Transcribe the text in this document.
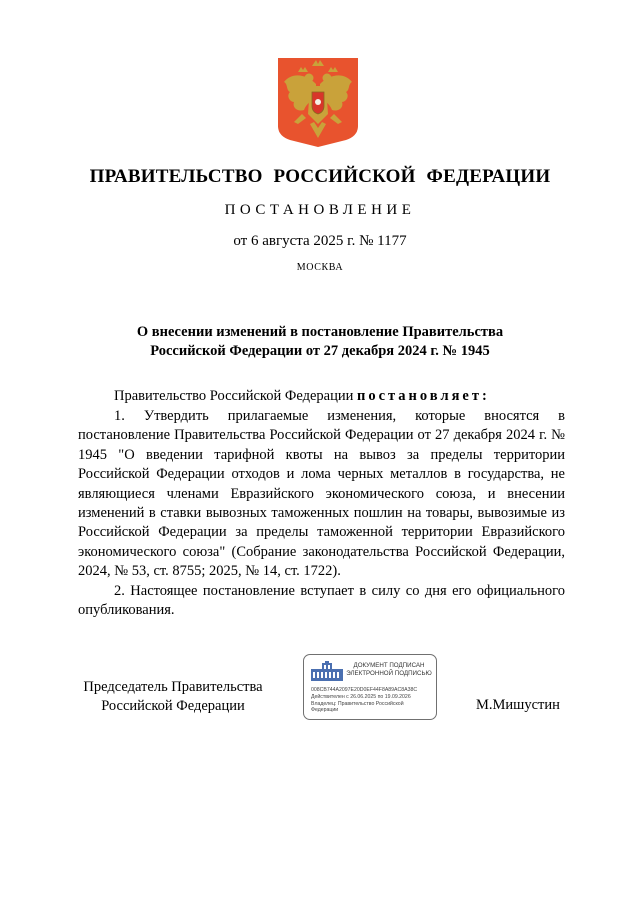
ПРАВИТЕЛЬСТВО РОССИЙСКОЙ ФЕДЕРАЦИИ
ПОСТАНОВЛЕНИЕ
от 6 августа 2025 г. № 1177
МОСКВА
О внесении изменений в постановление Правительства
Российской Федерации от 27 декабря 2024 г. № 1945
Правительство Российской Федерации постановляет:

1. Утвердить прилагаемые изменения, которые вносятся в постановление Правительства Российской Федерации от 27 декабря 2024 г. № 1945 "О введении тарифной квоты на вывоз за пределы территории Российской Федерации отходов и лома черных металлов в государства, не являющиеся членами Евразийского экономического союза, и внесении изменений в ставки вывозных таможенных пошлин на товары, вывозимые из Российской Федерации за пределы таможенной территории Евразийского экономического союза" (Собрание законодательства Российской Федерации, 2024, № 53, ст. 8755; 2025, № 14, ст. 1722).

2. Настоящее постановление вступает в силу со дня его официального опубликования.

Председатель Правительства
Российской Федерации
ДОКУМЕНТ ПОДПИСАН
ЭЛЕКТРОННОЙ ПОДПИСЬЮ
008CB744A2097E20D0EF44F8A89AC8A38C
Действителен с 26.06.2025 по 19.09.2026
Владелец: Правительство Российской
Федерации	М.Мишустин
